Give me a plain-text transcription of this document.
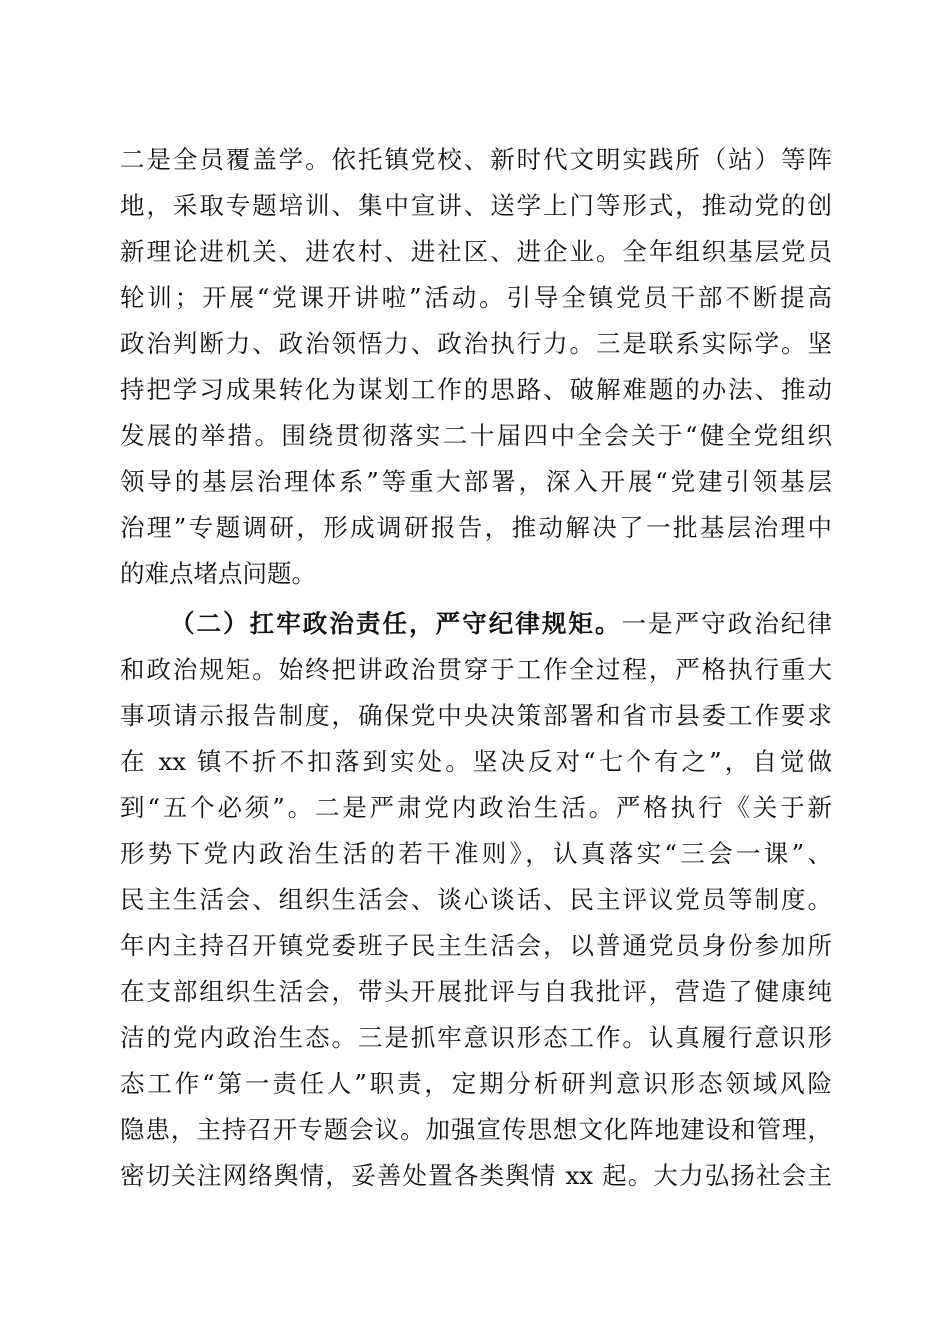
二是全员覆盖学。依托镇党校、新时代文明实践所（站）等阵
地，采取专题培训、集中宣讲、送学上门等形式，推动党的创
新理论进机关、进农村、进社区、进企业。全年组织基层党员
轮训；开展“党课开讲啦”活动。引导全镇党员干部不断提高
政治判断力、政治领悟力、政治执行力。三是联系实际学。坚
持把学习成果转化为谋划工作的思路、破解难题的办法、推动
发展的举措。围绕贯彻落实二十届四中全会关于“健全党组织
领导的基层治理体系”等重大部署，深入开展“党建引领基层
治理”专题调研，形成调研报告，推动解决了一批基层治理中
的难点堵点问题。
（二）扛牢政治责任，严守纪律规矩。一是严守政治纪律
和政治规矩。始终把讲政治贯穿于工作全过程，严格执行重大
事项请示报告制度，确保党中央决策部署和省市县委工作要求
在 xx 镇不折不扣落到实处。坚决反对“七个有之”，自觉做
到“五个必须”。二是严肃党内政治生活。严格执行《关于新
形势下党内政治生活的若干准则》，认真落实“三会一课”、
民主生活会、组织生活会、谈心谈话、民主评议党员等制度。
年内主持召开镇党委班子民主生活会，以普通党员身份参加所
在支部组织生活会，带头开展批评与自我批评，营造了健康纯
洁的党内政治生态。三是抓牢意识形态工作。认真履行意识形
态工作“第一责任人”职责，定期分析研判意识形态领域风险
隐患，主持召开专题会议。加强宣传思想文化阵地建设和管理，
密切关注网络舆情，妥善处置各类舆情 xx 起。大力弘扬社会主
